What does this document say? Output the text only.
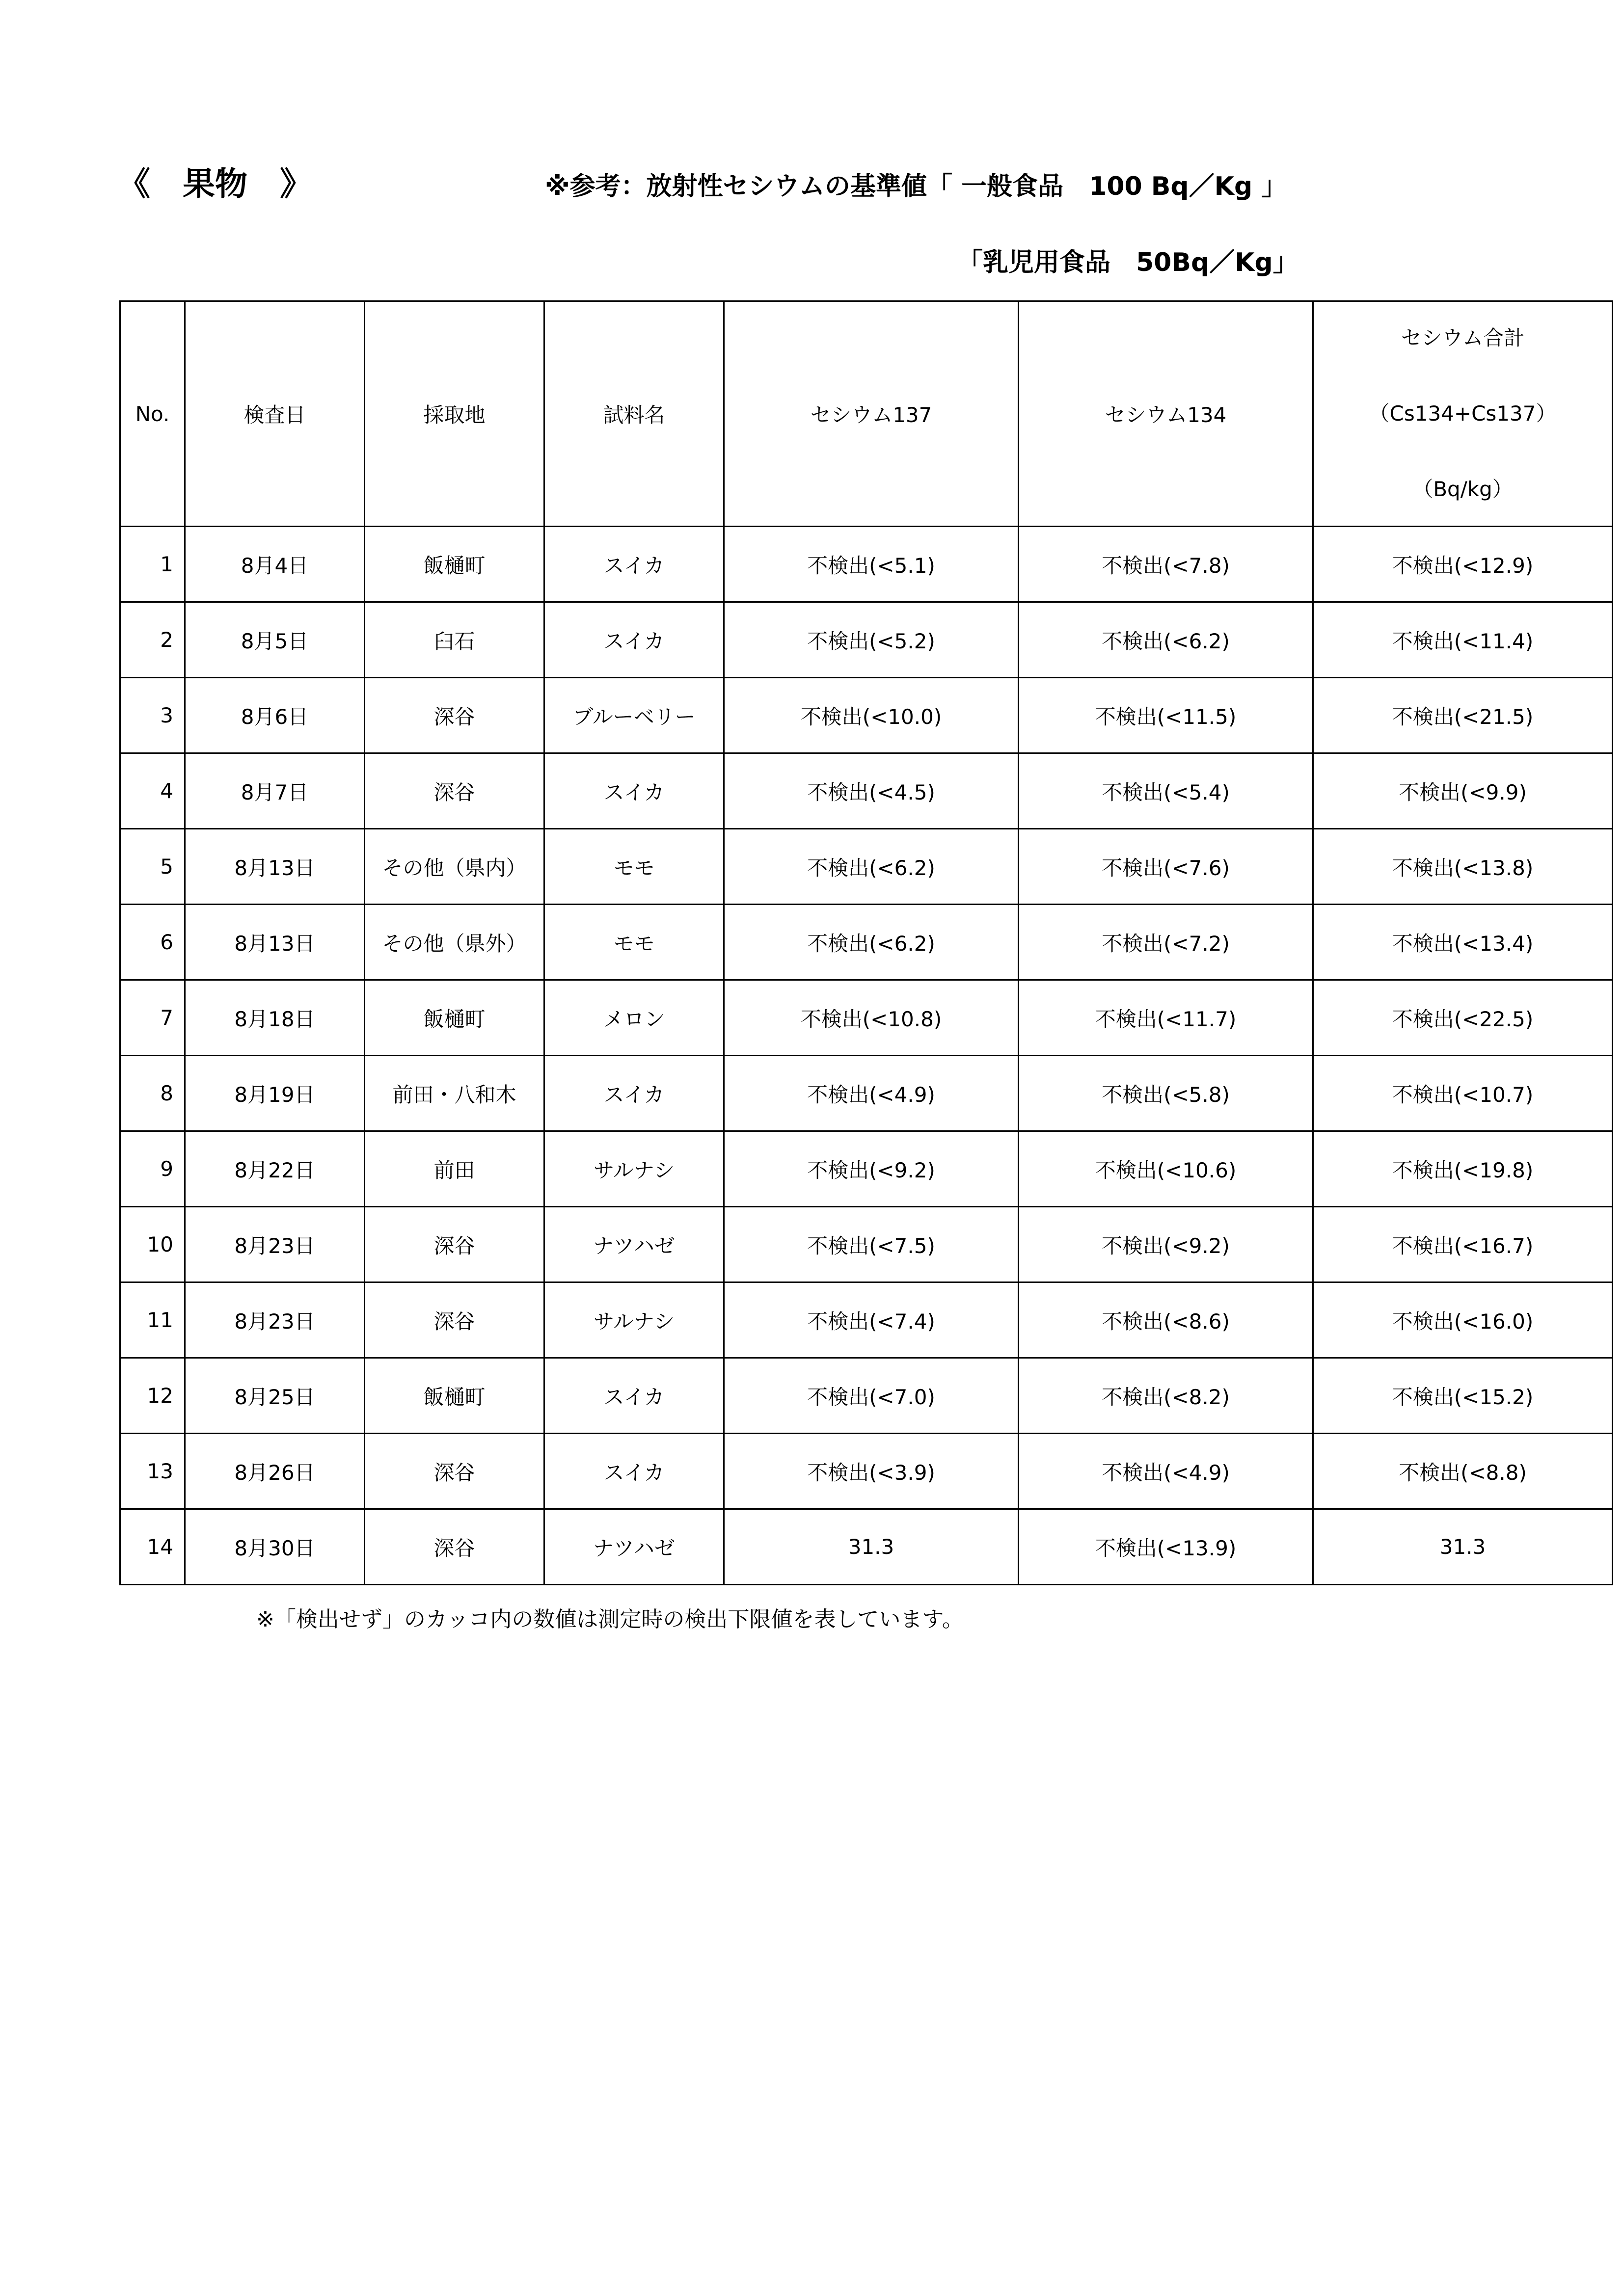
《　果物　》	※参考：放射性セシウムの基準値「 一般食品　100 Bq／Kg 」
「乳児用食品　50Bq／Kg」
No.	検査日	採取地	試料名	セシウム137	セシウム134	セシウム合計
（Cs134+Cs137）
（Bq/kg）

1	8月4日	飯樋町	スイカ	不検出(<5.1)	不検出(<7.8)	不検出(<12.9)
2	8月5日	臼石	スイカ	不検出(<5.2)	不検出(<6.2)	不検出(<11.4)
3	8月6日	深谷	ブルーベリー	不検出(<10.0)	不検出(<11.5)	不検出(<21.5)
4	8月7日	深谷	スイカ	不検出(<4.5)	不検出(<5.4)	不検出(<9.9)
5	8月13日	その他（県内）	モモ	不検出(<6.2)	不検出(<7.6)	不検出(<13.8)
6	8月13日	その他（県外）	モモ	不検出(<6.2)	不検出(<7.2)	不検出(<13.4)
7	8月18日	飯樋町	メロン	不検出(<10.8)	不検出(<11.7)	不検出(<22.5)
8	8月19日	前田・八和木	スイカ	不検出(<4.9)	不検出(<5.8)	不検出(<10.7)
9	8月22日	前田	サルナシ	不検出(<9.2)	不検出(<10.6)	不検出(<19.8)
10	8月23日	深谷	ナツハゼ	不検出(<7.5)	不検出(<9.2)	不検出(<16.7)
11	8月23日	深谷	サルナシ	不検出(<7.4)	不検出(<8.6)	不検出(<16.0)
12	8月25日	飯樋町	スイカ	不検出(<7.0)	不検出(<8.2)	不検出(<15.2)
13	8月26日	深谷	スイカ	不検出(<3.9)	不検出(<4.9)	不検出(<8.8)
14	8月30日	深谷	ナツハゼ	31.3	不検出(<13.9)	31.3
※「検出せず」のカッコ内の数値は測定時の検出下限値を表しています。
